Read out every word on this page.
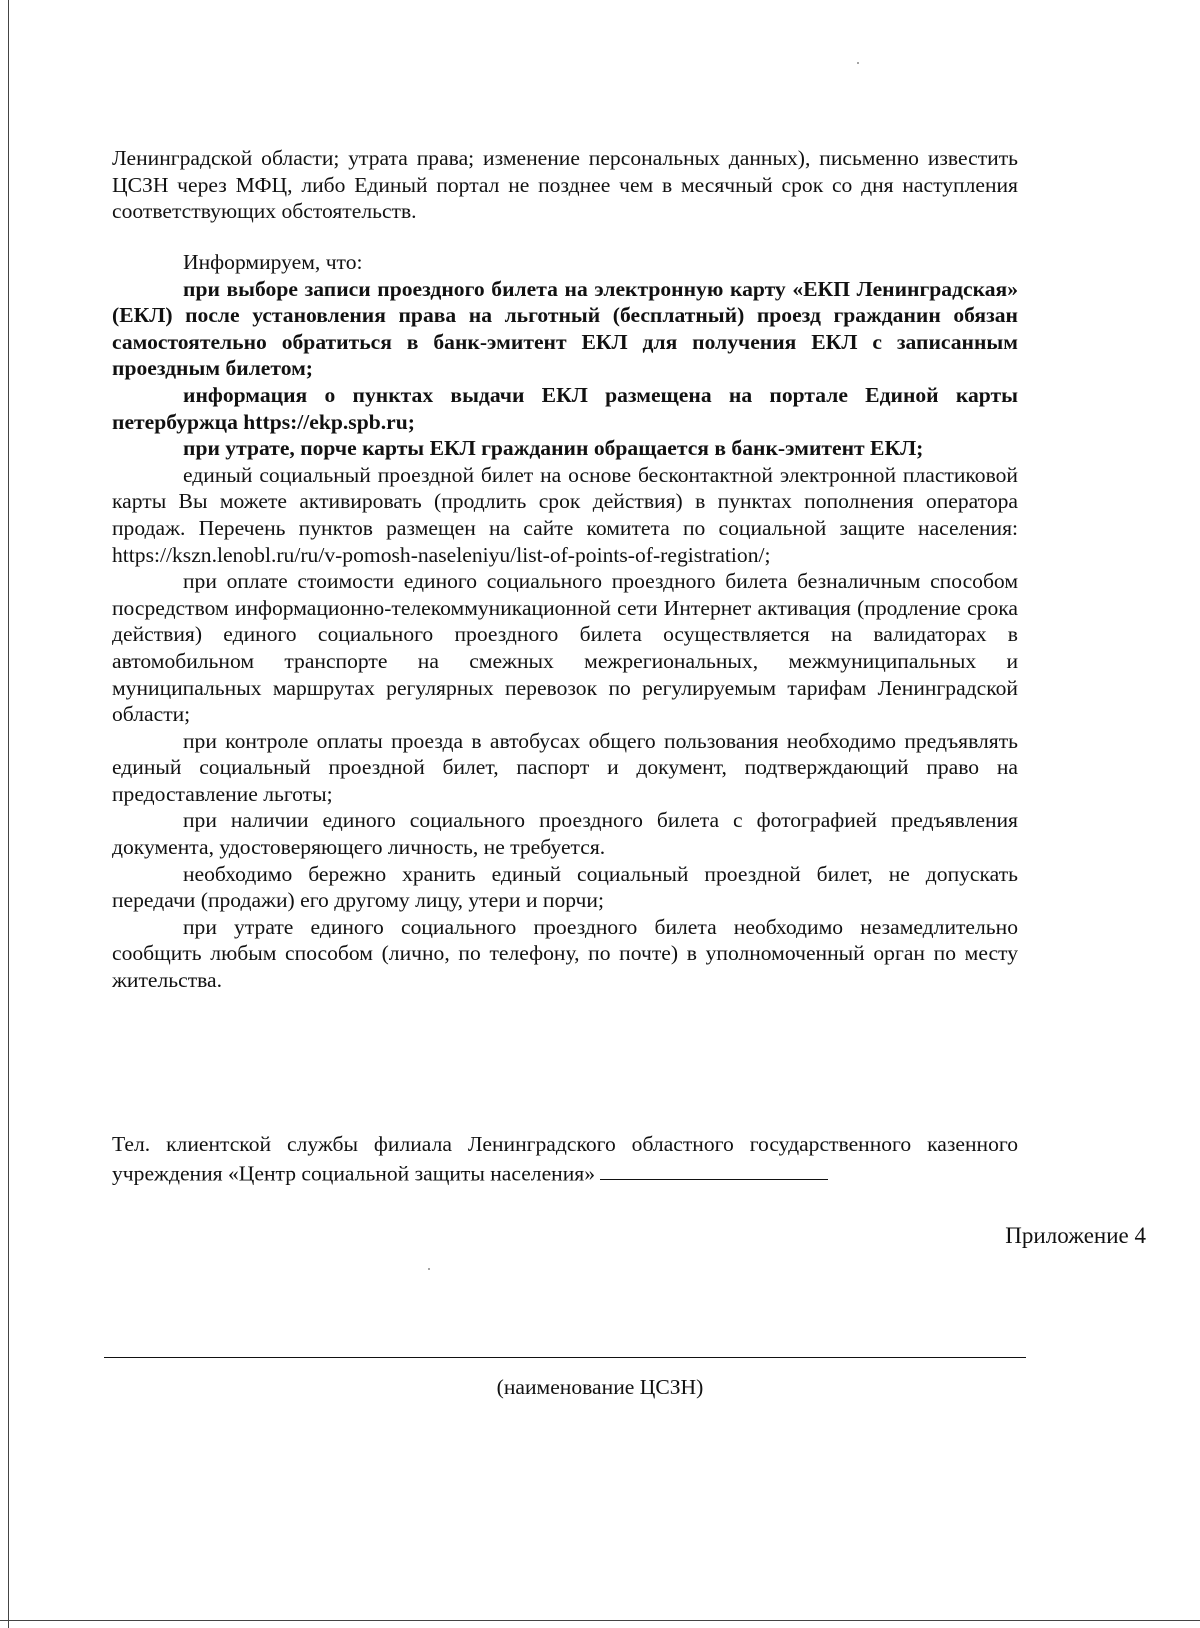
Ленинградской области; утрата права; изменение персональных данных), письменно известить ЦСЗН через МФЦ, либо Единый портал не позднее чем в месячный срок со дня наступления соответствующих обстоятельств.

Информируем, что:

при выборе записи проездного билета на электронную карту «ЕКП Ленинградская» (ЕКЛ) после установления права на льготный (бесплатный) проезд гражданин обязан самостоятельно обратиться в банк-эмитент ЕКЛ для получения ЕКЛ с записанным проездным билетом;

информация о пунктах выдачи ЕКЛ размещена на портале Единой карты петербуржца https://ekp.spb.ru;

при утрате, порче карты ЕКЛ гражданин обращается в банк-эмитент ЕКЛ;

единый социальный проездной билет на основе бесконтактной электронной пластиковой карты Вы можете активировать (продлить срок действия) в пунктах пополнения оператора продаж. Перечень пунктов размещен на сайте комитета по социальной защите населения: https://kszn.lenobl.ru/ru/v-pomosh-naseleniyu/list-of-points-of-registration/;

при оплате стоимости единого социального проездного билета безналичным способом посредством информационно-телекоммуникационной сети Интернет активация (продление срока действия) единого социального проездного билета осуществляется на валидаторах в автомобильном транспорте на смежных межрегиональных, межмуниципальных и муниципальных маршрутах регулярных перевозок по регулируемым тарифам Ленинградской области;

при контроле оплаты проезда в автобусах общего пользования необходимо предъявлять единый социальный проездной билет, паспорт и документ, подтверждающий право на предоставление льготы;

при наличии единого социального проездного билета с фотографией предъявления документа, удостоверяющего личность, не требуется.

необходимо бережно хранить единый социальный проездной билет, не допускать передачи (продажи) его другому лицу, утери и порчи;

при утрате единого социального проездного билета необходимо незамедлительно сообщить любым способом (лично, по телефону, по почте) в уполномоченный орган по месту жительства.

Тел. клиентской службы филиала Ленинградского областного государственного казенного учреждения «Центр социальной защиты населения»

Приложение 4
(наименование ЦСЗН)
